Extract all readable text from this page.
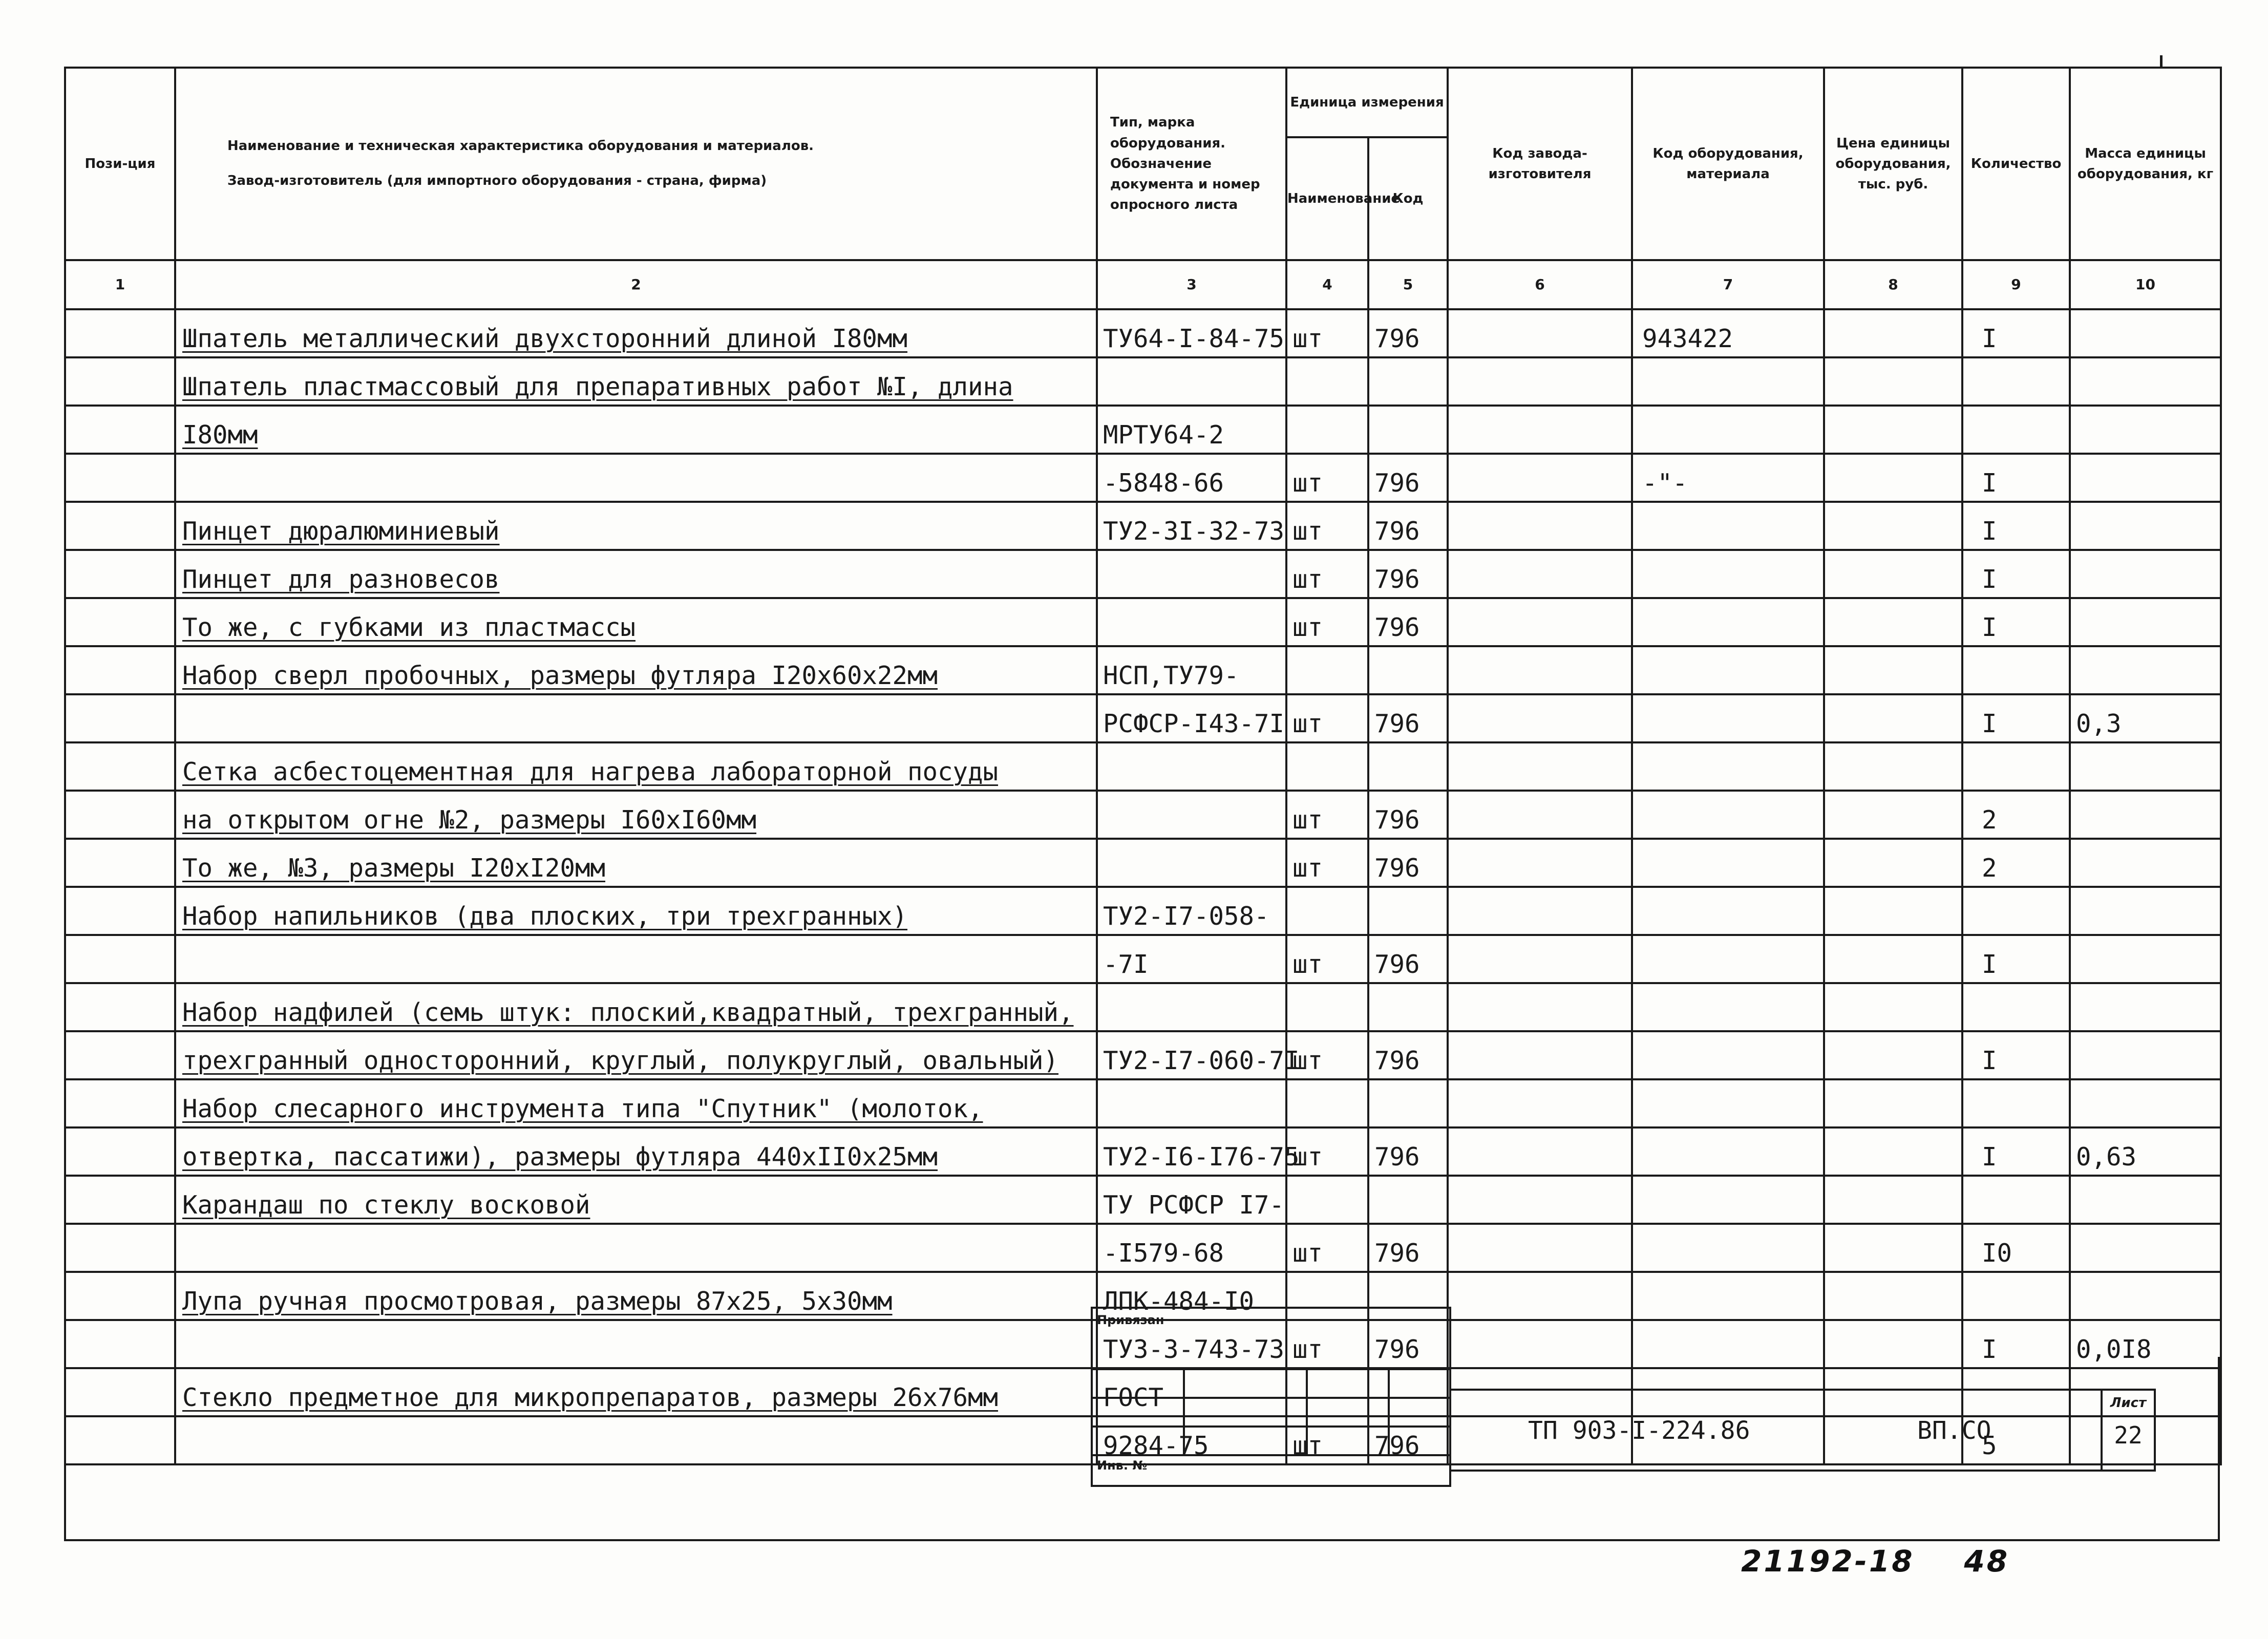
Пози-ция	Наименование и техническая характеристика оборудования и материалов.
Завод-изготовитель (для импортного оборудования - страна, фирма)	Тип, марка оборудования. Обозначение документа и номер опросного листа	Единица измерения		Код завода-изготовителя	Код оборудования, материала	Цена единицы оборудования, тыс. руб.	Количество	Масса единицы оборудования, кг
			Наименование	Код					
1	2	3	4	5	6	7	8	9	10
	Шпатель металлический двухсторонний длиной I80мм	ТУ64-I-84-75	шт	796		943422		I	
	Шпатель пластмассовый для препаративных работ №I, длина								
	I80мм	МРТУ64-2							
		-5848-66	шт	796		-"-		I	
	Пинцет дюралюминиевый	ТУ2-3I-32-73	шт	796				I	
	Пинцет для разновесов		шт	796				I	
	То же, с губками из пластмассы		шт	796				I	
	Набор сверл пробочных, размеры футляра I20х60х22мм	НСП,ТУ79-							
		РСФСР-I43-7I	шт	796				I	0,3
	Сетка асбестоцементная для нагрева лабораторной посуды								
	на открытом огне №2, размеры I60хI60мм		шт	796				2	
	То же, №3, размеры I20хI20мм		шт	796				2	
	Набор напильников (два плоских, три трехгранных)	ТУ2-I7-058-							
		-7I	шт	796				I	
	Набор надфилей (семь штук: плоский,квадратный, трехгранный,								
	трехгранный односторонний, круглый, полукруглый, овальный)	ТУ2-I7-060-7I	шт	796				I	
	Набор слесарного инструмента типа "Спутник" (молоток,								
	отвертка, пассатижи), размеры футляра 440хII0х25мм	ТУ2-I6-I76-75	шт	796				I	0,63
	Карандаш по стеклу восковой	ТУ РСФСР I7-							
		-I579-68	шт	796				I0	
	Лупа ручная просмотровая, размеры 87х25, 5х30мм	ЛПК-484-I0							
		ТУ3-3-743-73	шт	796				I	0,0I8
	Стекло предметное для микропрепаратов, размеры 26х76мм	ГОСТ							
		9284-75	шт	796				5	
Привязан			

Инв. №			
ТП 903-I-224.86	ВП.СО
Лист
22
21192-18 48
